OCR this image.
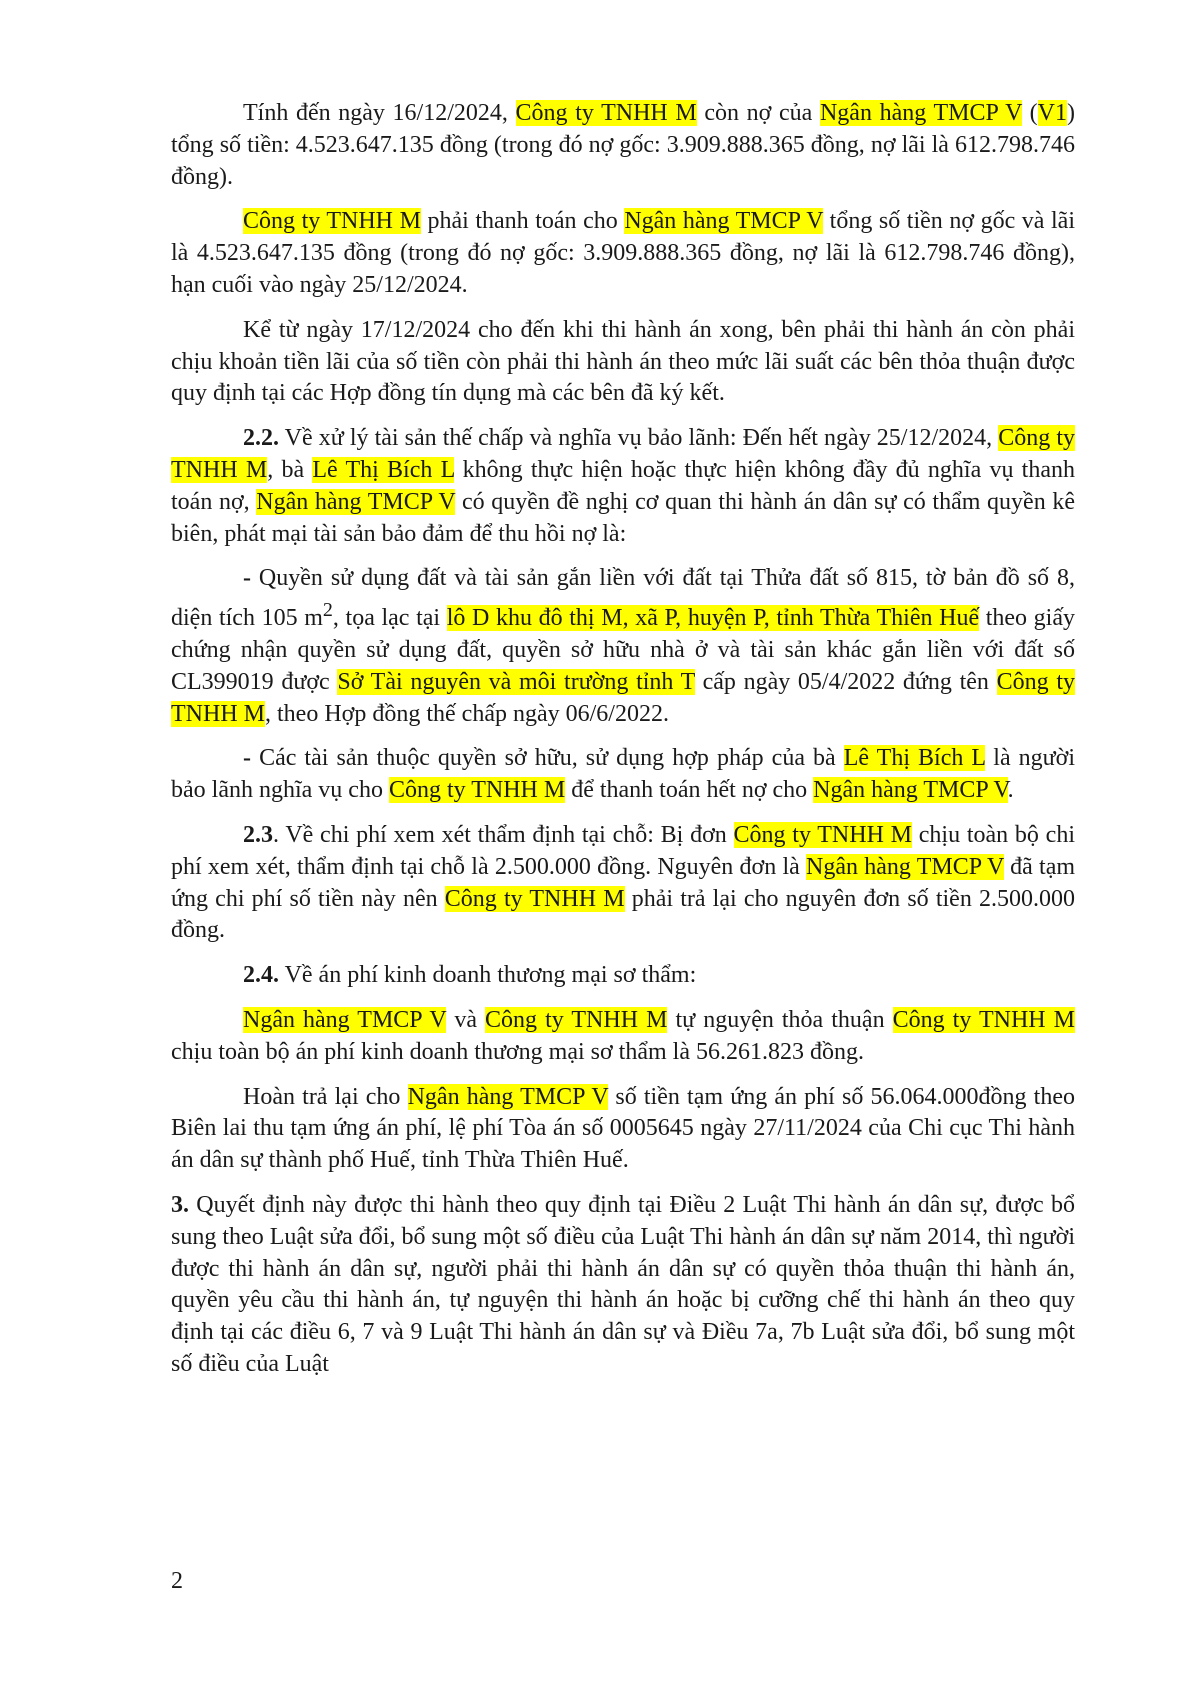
Tính đến ngày 16/12/2024, Công ty TNHH M còn nợ của Ngân hàng TMCP V (V1) tổng số tiền: 4.523.647.135 đồng (trong đó nợ gốc: 3.909.888.365 đồng, nợ lãi là 612.798.746 đồng).

Công ty TNHH M phải thanh toán cho Ngân hàng TMCP V tổng số tiền nợ gốc và lãi là 4.523.647.135 đồng (trong đó nợ gốc: 3.909.888.365 đồng, nợ lãi là 612.798.746 đồng), hạn cuối vào ngày 25/12/2024.

Kể từ ngày 17/12/2024 cho đến khi thi hành án xong, bên phải thi hành án còn phải chịu khoản tiền lãi của số tiền còn phải thi hành án theo mức lãi suất các bên thỏa thuận được quy định tại các Hợp đồng tín dụng mà các bên đã ký kết.

2.2. Về xử lý tài sản thế chấp và nghĩa vụ bảo lãnh: Đến hết ngày 25/12/2024, Công ty TNHH M, bà Lê Thị Bích L không thực hiện hoặc thực hiện không đầy đủ nghĩa vụ thanh toán nợ, Ngân hàng TMCP V có quyền đề nghị cơ quan thi hành án dân sự có thẩm quyền kê biên, phát mại tài sản bảo đảm để thu hồi nợ là:

- Quyền sử dụng đất và tài sản gắn liền với đất tại Thửa đất số 815, tờ bản đồ số 8, diện tích 105 $m^2$, tọa lạc tại lô D khu đô thị M, xã P, huyện P, tỉnh Thừa Thiên Huế theo giấy chứng nhận quyền sử dụng đất, quyền sở hữu nhà ở và tài sản khác gắn liền với đất số CL399019 được Sở Tài nguyên và môi trường tỉnh T cấp ngày 05/4/2022 đứng tên Công ty TNHH M, theo Hợp đồng thế chấp ngày 06/6/2022.

- Các tài sản thuộc quyền sở hữu, sử dụng hợp pháp của bà Lê Thị Bích L là người bảo lãnh nghĩa vụ cho Công ty TNHH M để thanh toán hết nợ cho Ngân hàng TMCP V.

2.3. Về chi phí xem xét thẩm định tại chỗ: Bị đơn Công ty TNHH M chịu toàn bộ chi phí xem xét, thẩm định tại chỗ là 2.500.000 đồng. Nguyên đơn là Ngân hàng TMCP V đã tạm ứng chi phí số tiền này nên Công ty TNHH M phải trả lại cho nguyên đơn số tiền 2.500.000 đồng.

2.4. Về án phí kinh doanh thương mại sơ thẩm:

Ngân hàng TMCP V và Công ty TNHH M tự nguyện thỏa thuận Công ty TNHH M chịu toàn bộ án phí kinh doanh thương mại sơ thẩm là 56.261.823 đồng.

Hoàn trả lại cho Ngân hàng TMCP V số tiền tạm ứng án phí số 56.064.000đồng theo Biên lai thu tạm ứng án phí, lệ phí Tòa án số 0005645 ngày 27/11/2024 của Chi cục Thi hành án dân sự thành phố Huế, tỉnh Thừa Thiên Huế.

3. Quyết định này được thi hành theo quy định tại Điều 2 Luật Thi hành án dân sự, được bổ sung theo Luật sửa đổi, bổ sung một số điều của Luật Thi hành án dân sự năm 2014, thì người được thi hành án dân sự, người phải thi hành án dân sự có quyền thỏa thuận thi hành án, quyền yêu cầu thi hành án, tự nguyện thi hành án hoặc bị cưỡng chế thi hành án theo quy định tại các điều 6, 7 và 9 Luật Thi hành án dân sự và Điều 7a, 7b Luật sửa đổi, bổ sung một số điều của Luật

2
